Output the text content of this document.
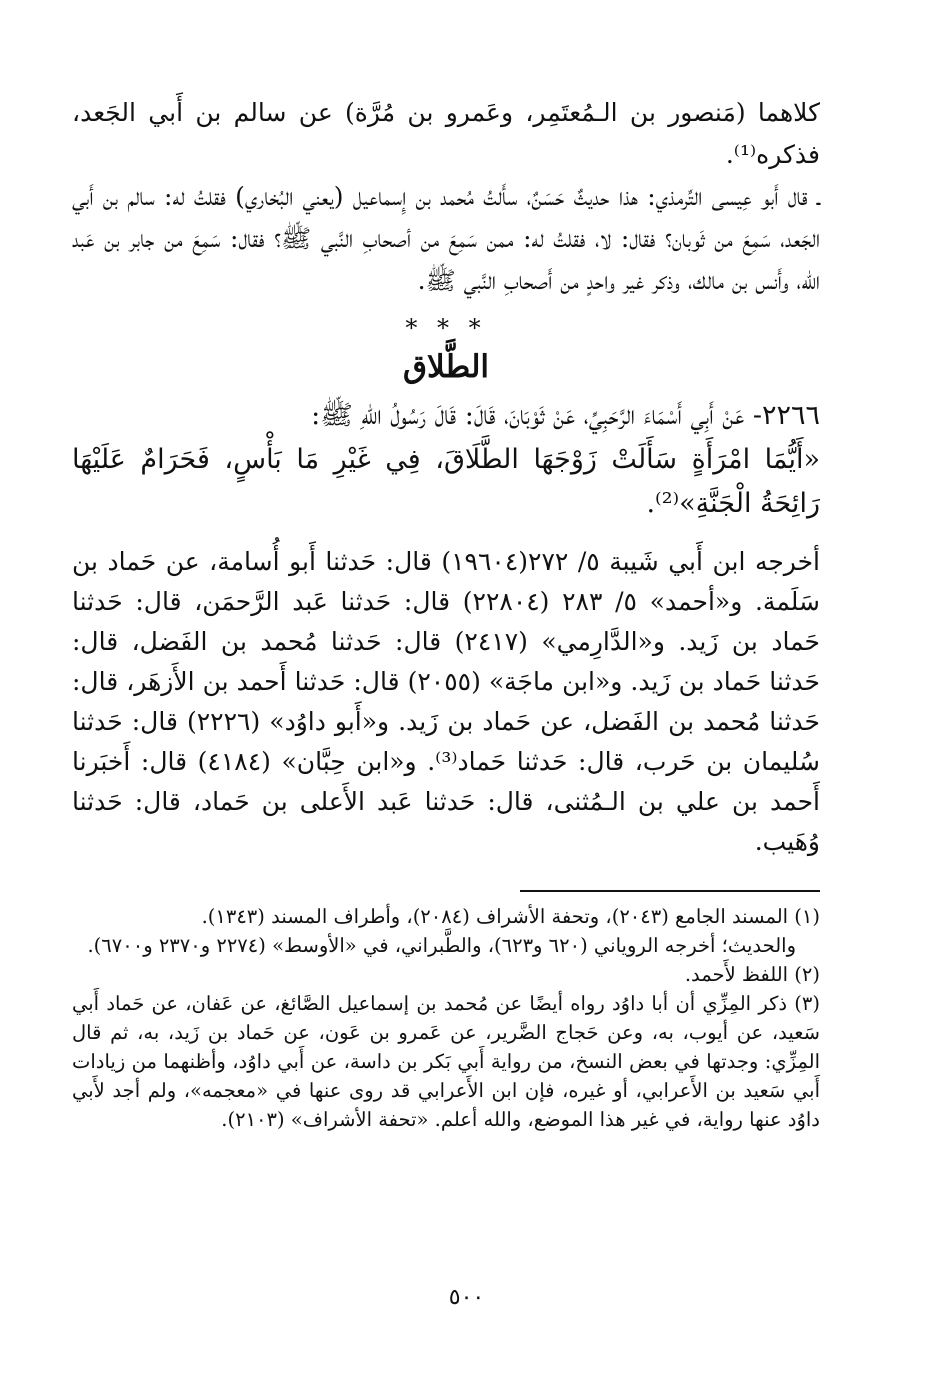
كلاهما (مَنصور بن الـمُعتَمِر، وعَمرو بن مُرَّة) عن سالم بن أَبي الجَعد، فذكره⁽¹⁾.

ـ قال أَبو عِيسى التِّرمذي: هذا حديثٌ حَسَنٌ، سأَلتُ مُحمد بن إِسماعيل (يعني البُخاري) فقلتُ له: سالم بن أَبي الجَعد، سَمِعَ من ثَوبان؟ فقال: لا، فقلتُ له: ممن سَمِعَ من أصحابِ النَّبي ﷺ؟ فقال: سَمِعَ من جابر بن عَبد الله، وأَنس بن مالك، وذكر غير واحدٍ من أَصحابِ النَّبي ﷺ.

* * *
الطَّلاق

٢٢٦٦- عَنْ أَبِي أَسْمَاءَ الرَّحَبِيِّ، عَنْ ثَوْبَانَ، قَالَ: قَالَ رَسُولُ اللهِ ﷺ:

«أَيُّمَا امْرَأَةٍ سَأَلَتْ زَوْجَهَا الطَّلَاقَ، فِي غَيْرِ مَا بَأْسٍ، فَحَرَامٌ عَلَيْهَا رَائِحَةُ الْجَنَّةِ»⁽²⁾.

أخرجه ابن أَبي شَيبة ٥/ ٢٧٢(١٩٦٠٤) قال: حَدثنا أَبو أُسامة، عن حَماد بن سَلَمة. و«أحمد» ٥/ ٢٨٣ (٢٢٨٠٤) قال: حَدثنا عَبد الرَّحمَن، قال: حَدثنا حَماد بن زَيد. و«الدَّارِمي» (٢٤١٧) قال: حَدثنا مُحمد بن الفَضل، قال: حَدثنا حَماد بن زَيد. و«ابن ماجَة» (٢٠٥٥) قال: حَدثنا أَحمد بن الأَزهَر، قال: حَدثنا مُحمد بن الفَضل، عن حَماد بن زَيد. و«أَبو داوُد» (٢٢٢٦) قال: حَدثنا سُليمان بن حَرب، قال: حَدثنا حَماد⁽³⁾. و«ابن حِبَّان» (٤١٨٤) قال: أَخبَرنا أَحمد بن علي بن الـمُثنى، قال: حَدثنا عَبد الأَعلى بن حَماد، قال: حَدثنا وُهَيب.

(١) المسند الجامع (٢٠٤٣)، وتحفة الأشراف (٢٠٨٤)، وأطراف المسند (١٣٤٣).

والحديث؛ أخرجه الروياني (٦٢٠ و٦٢٣)، والطَّبراني، في «الأوسط» (٢٢٧٤ و٢٣٧٠ و٦٧٠٠).

(٢) اللفظ لأَحمد.

(٣) ذكر المِزِّي أن أبا داوُد رواه أيضًا عن مُحمد بن إسماعيل الصَّائغ، عن عَفان، عن حَماد أَبي سَعيد، عن أيوب، به، وعن حَجاج الضَّرير، عن عَمرو بن عَون، عن حَماد بن زَيد، به، ثم قال المِزِّي: وجدتها في بعض النسخ، من رواية أَبي بَكر بن داسة، عن أَبي داوُد، وأظنهما من زيادات أَبي سَعيد بن الأَعرابي، أو غيره، فإن ابن الأَعرابي قد روى عنها في «معجمه»، ولم أجد لأَبي داوُد عنها رواية، في غير هذا الموضع، والله أعلم. «تحفة الأشراف» (٢١٠٣).

٥٠٠
